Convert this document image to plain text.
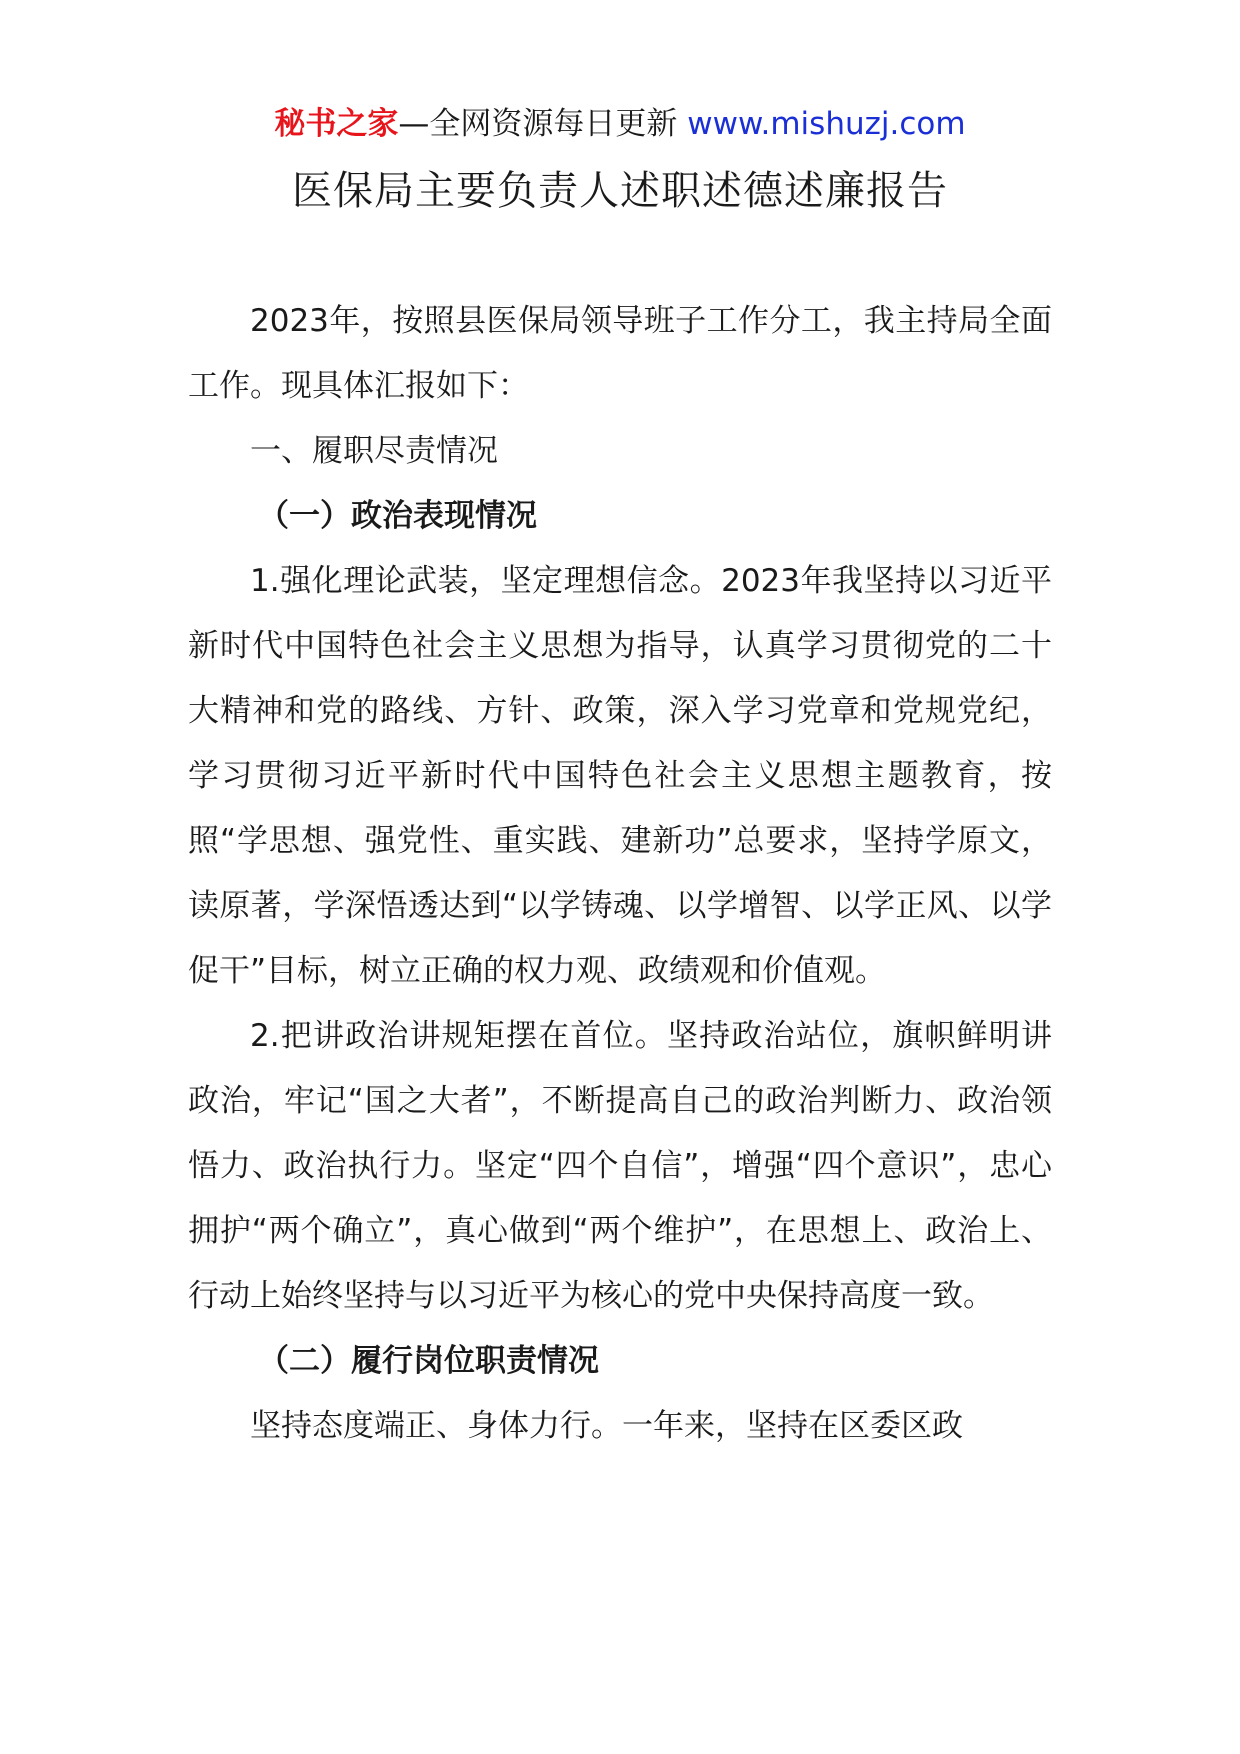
秘书之家—全网资源每日更新 www.mishuzj.com
医保局主要负责人述职述德述廉报告

2023年，按照县医保局领导班子工作分工，我主持局全面工作。现具体汇报如下：

一、履职尽责情况

（一）政治表现情况

1.强化理论武装，坚定理想信念。2023年我坚持以习近平新时代中国特色社会主义思想为指导，认真学习贯彻党的二十大精神和党的路线、方针、政策，深入学习党章和党规党纪，学习贯彻习近平新时代中国特色社会主义思想主题教育，按照“学思想、强党性、重实践、建新功”总要求，坚持学原文，读原著，学深悟透达到“以学铸魂、以学增智、以学正风、以学促干”目标，树立正确的权力观、政绩观和价值观。

2.把讲政治讲规矩摆在首位。坚持政治站位，旗帜鲜明讲政治，牢记“国之大者”，不断提高自己的政治判断力、政治领悟力、政治执行力。坚定“四个自信”，增强“四个意识”，忠心拥护“两个确立”，真心做到“两个维护”，在思想上、政治上、行动上始终坚持与以习近平为核心的党中央保持高度一致。

（二）履行岗位职责情况

坚持态度端正、身体力行。一年来，坚持在区委区政
